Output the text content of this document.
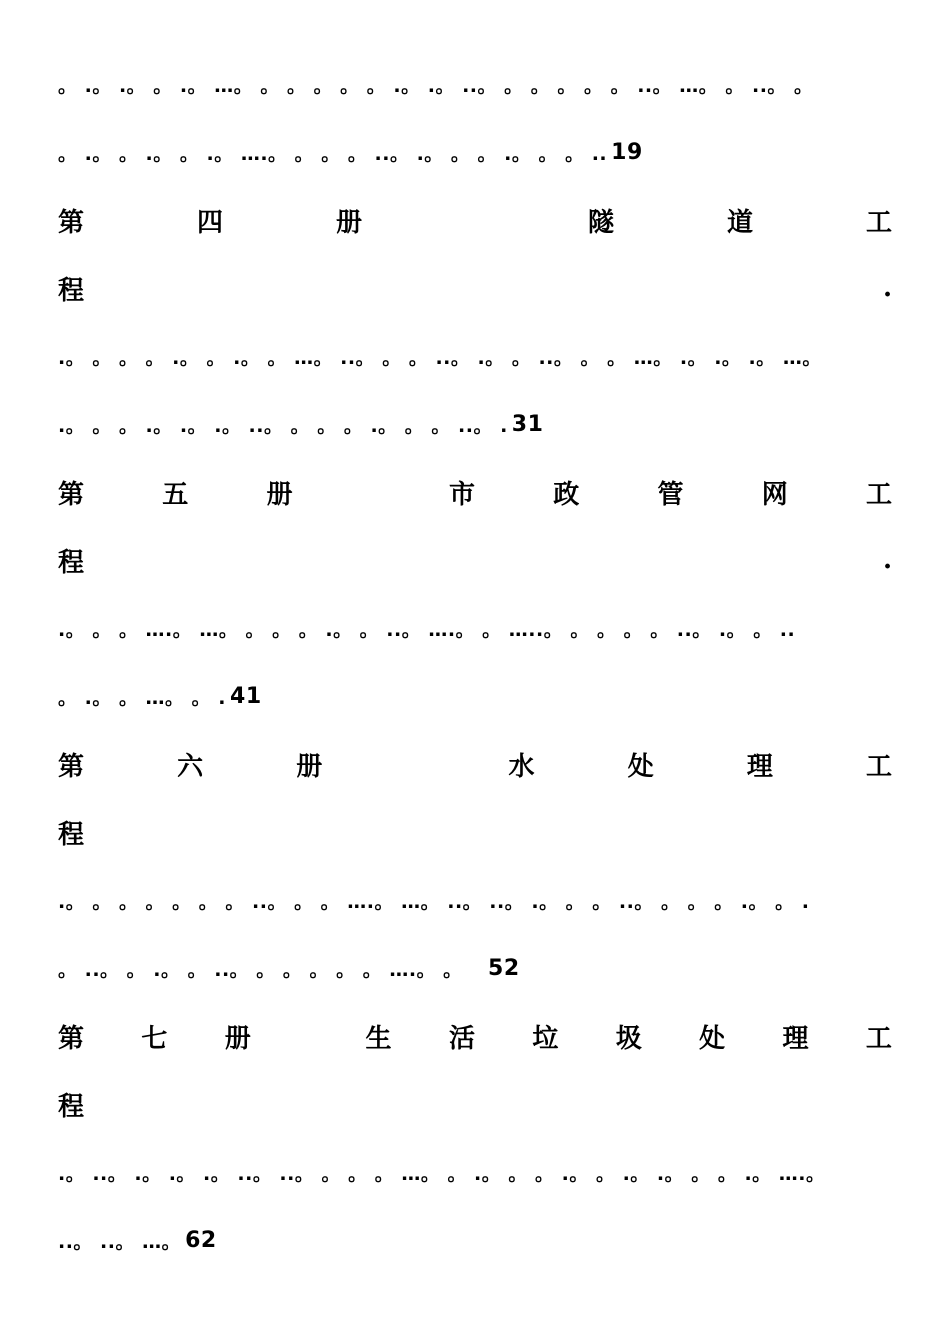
。 .。 .。 。 .。 …。 。 。 。 。 。 .。 .。 ..。 。 。 。 。 。 ..。 …。 。 ..。 。
。 .。 。 .。 。 .。 ….。 。 。 。 ..。 .。 。 。 .。 。 。 .. 19
第	四	册	隧	道	工
程	.
.。 。 。 。 .。 。 .。 。 …。 ..。 。 。 ..。 .。 。 ..。 。 。 …。 .。 .。 .。 …。
.。 。 。 .。 .。 .。 ..。 。 。 。 .。 。 。 ..。 . 31
第	五	册	市	政	管	网	工
程	.
.。 。 。 ….。 …。 。 。 。 .。 。 ..。 ….。 。 …..。 。 。 。 。 ..。 .。 。 ..
。 .。 。 …。 。 . 41
第	六	册	水	处	理	工
程
.。 。 。 。 。 。 。 ..。 。 。 ….。 …。 ..。 ..。 .。 。 。 ..。 。 。 。 .。 。 .
。 ..。 。 .。 。 ..。 。 。 。 。 。 ….。 。 52
第 七 册	生 活 垃 圾 处 理 工
程
.。 ..。 .。 .。 .。 ..。 ..。 。 。 。 …。 。 .。 。 。 .。 。 .。 .。 。 。 .。 ….。
..。 ..。 …。 62
